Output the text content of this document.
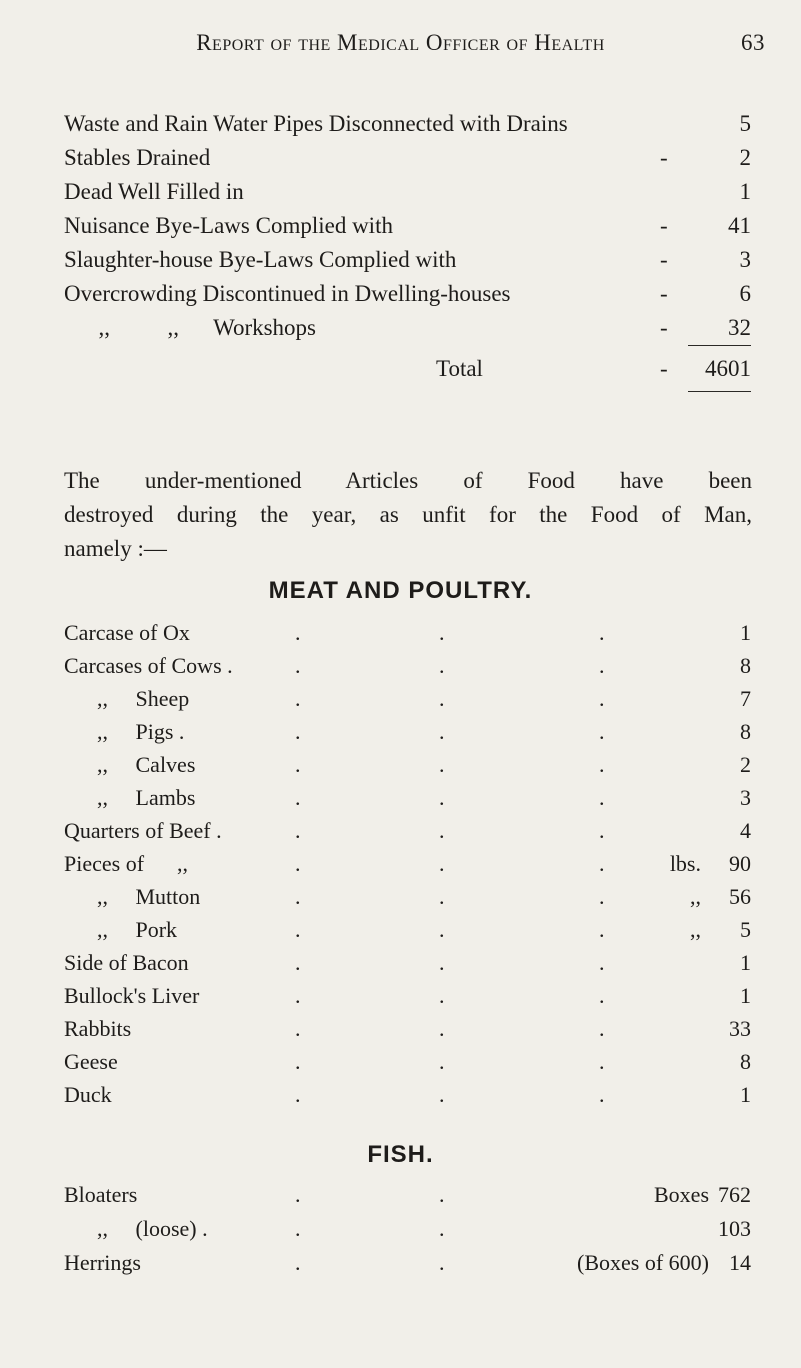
Report of the Medical Officer of Health	63
Waste and Rain Water Pipes Disconnected with Drains	5
Stables Drained	-	2
Dead Well Filled in	1
Nuisance Bye-Laws Complied with	-	41
Slaughter-house Bye-Laws Complied with	-	3
Overcrowding Discontinued in Dwelling-houses	-	6
,,          ,,      Workshops	-	32
Total	- 4601
The under-mentioned Articles of Food have been
destroyed during the year, as unfit for the Food of Man,
namely :—
MEAT AND POULTRY.
Carcase of Ox	.	.	.	1
Carcases of Cows .	.	.	.	8
,,     Sheep	.	.	.	7
,,     Pigs .	.	.	.	8
,,     Calves	.	.	.	2
,,     Lambs	.	.	.	3
Quarters of Beef .	.	.	.	4
Pieces of      ,,	.	.	.	lbs. 90
,,     Mutton	.	.	.	,, 56
,,     Pork	.	.	.	,, 5
Side of Bacon	.	.	.	1
Bullock's Liver	.	.	.	1
Rabbits	.	.	.	33
Geese	.	.	.	8
Duck	.	.	.	1
FISH.
Bloaters	.	.	Boxes 762
,,     (loose) .	.	.	103
Herrings	.	.	(Boxes of 600) 14
